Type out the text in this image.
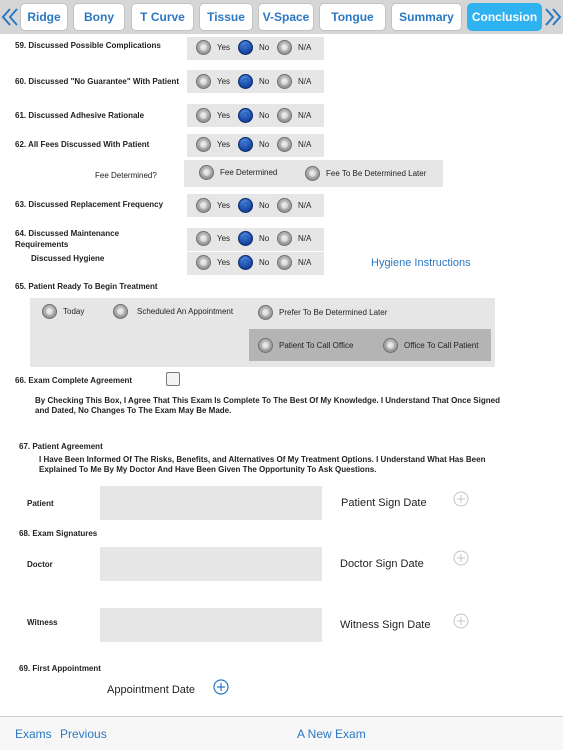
Ridge	Bony	T Curve	Tissue	V-Space	Tongue	Summary	Conclusion
59. Discussed Possible Complications	Yes	No	N/A
60. Discussed "No Guarantee" With Patient	Yes	No	N/A
61. Discussed Adhesive Rationale	Yes	No	N/A
62. All Fees Discussed With Patient	Yes	No	N/A
Fee Determined?	Fee Determined	Fee To Be Determined Later
63. Discussed Replacement Frequency	Yes	No	N/A
64. Discussed Maintenance Requirements
Yes	No	N/A
Discussed Hygiene	Yes	No	N/A	Hygiene Instructions
65. Patient Ready To Begin Treatment
Today	Scheduled An Appointment	Prefer To Be Determined Later
Patient To Call Office	Office To Call Patient
66. Exam Complete Agreement
By Checking This Box, I Agree That This Exam Is Complete To The Best Of My Knowledge. I Understand That Once Signed and Dated, No Changes To The Exam May Be Made.
67. Patient Agreement
I Have Been Informed Of The Risks, Benefits, and Alternatives Of My Treatment Options. I Understand What Has Been Explained To Me By My Doctor And Have Been Given The Opportunity To Ask Questions.
Patient	Patient Sign Date
68. Exam Signatures
Doctor	Doctor Sign Date
Witness	Witness Sign Date
69. First Appointment
Appointment Date
Exams Previous	A New Exam
